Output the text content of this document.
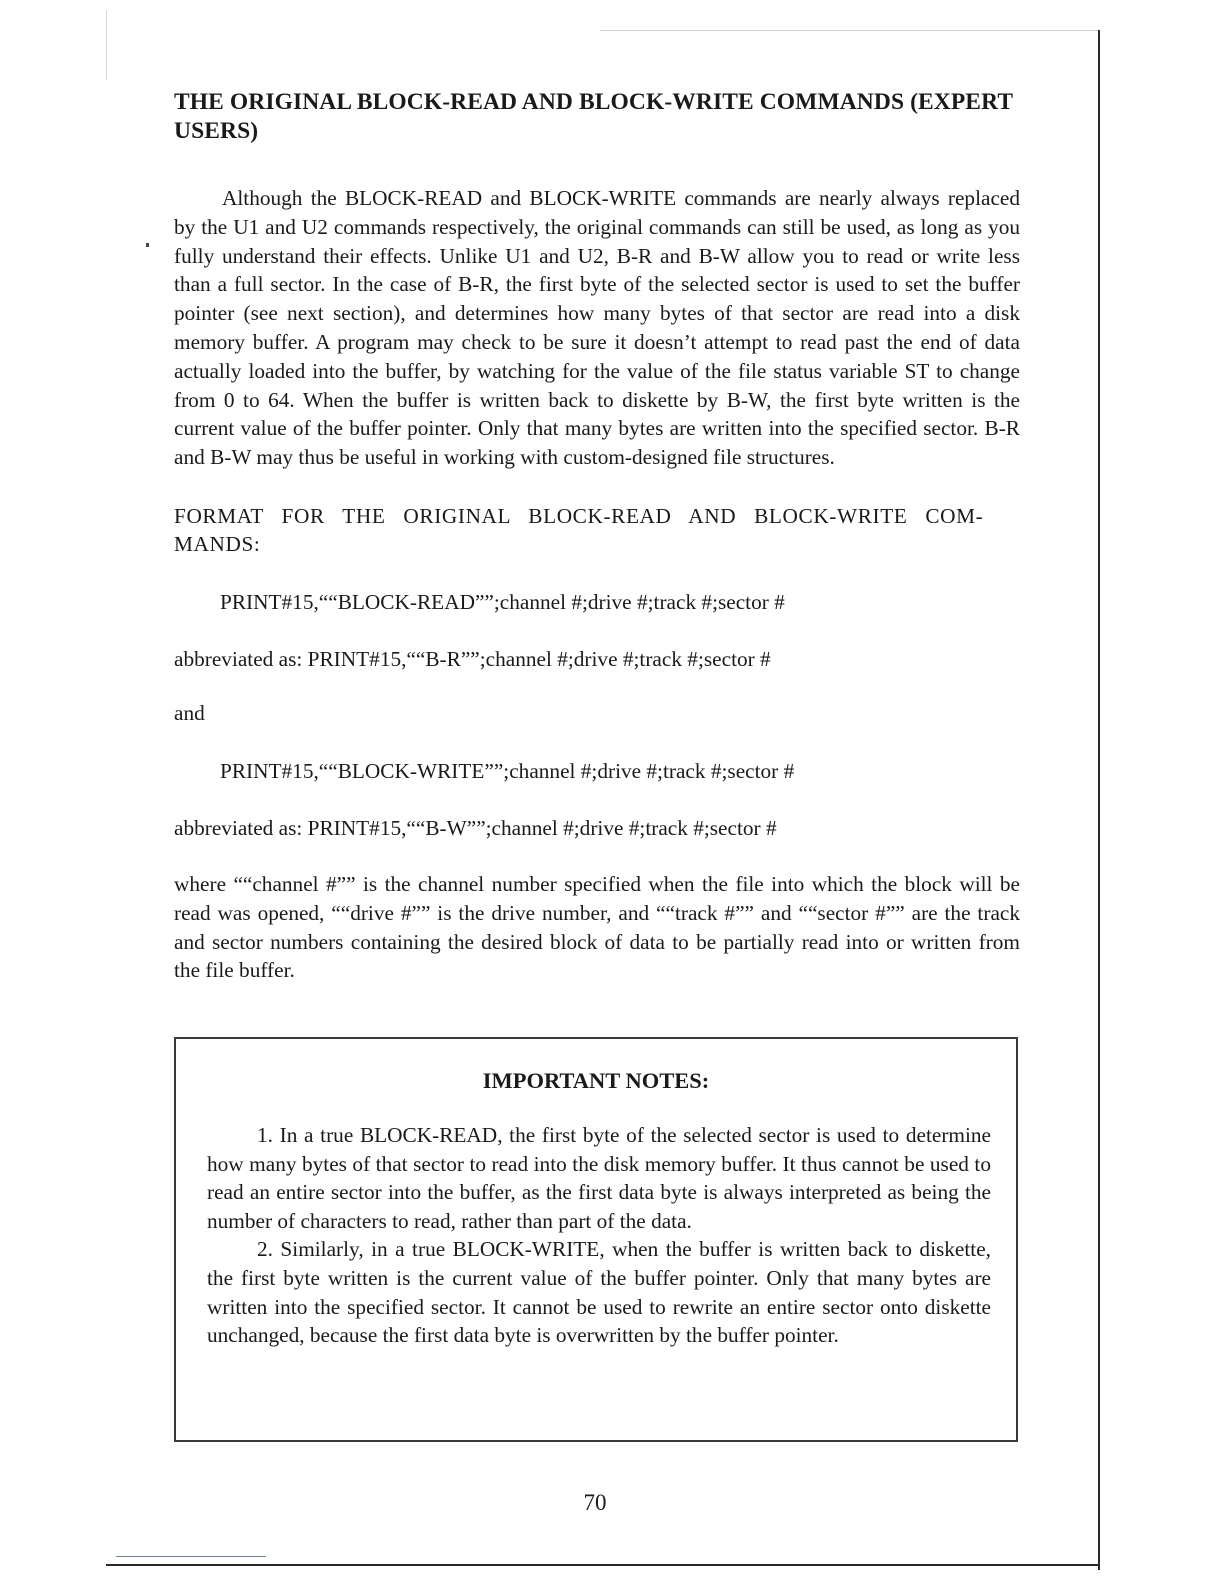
THE ORIGINAL BLOCK-READ AND BLOCK-WRITE COMMANDS (EXPERT USERS)

Although the BLOCK-READ and BLOCK-WRITE commands are nearly always replaced by the U1 and U2 commands respectively, the original commands can still be used, as long as you fully understand their effects. Unlike U1 and U2, B-R and B-W allow you to read or write less than a full sector. In the case of B-R, the first byte of the selected sector is used to set the buffer pointer (see next section), and determines how many bytes of that sector are read into a disk memory buffer. A program may check to be sure it doesn’t attempt to read past the end of data actually loaded into the buffer, by watching for the value of the file status variable ST to change from 0 to 64. When the buffer is written back to diskette by B-W, the first byte written is the current value of the buffer pointer. Only that many bytes are written into the specified sector. B-R and B-W may thus be useful in working with custom-designed file structures.

FORMAT FOR THE ORIGINAL BLOCK-READ AND BLOCK-WRITE COM-
MANDS:

PRINT#15,““BLOCK-READ””;channel #;drive #;track #;sector #

abbreviated as: PRINT#15,““B-R””;channel #;drive #;track #;sector #

and

PRINT#15,““BLOCK-WRITE””;channel #;drive #;track #;sector #

abbreviated as: PRINT#15,““B-W””;channel #;drive #;track #;sector #

where ““channel #”” is the channel number specified when the file into which the block will be read was opened, ““drive #”” is the drive number, and ““track #”” and ““sector #”” are the track and sector numbers containing the desired block of data to be partially read into or written from the file buffer.

IMPORTANT NOTES:

1. In a true BLOCK-READ, the first byte of the selected sector is used to determine how many bytes of that sector to read into the disk memory buffer. It thus cannot be used to read an entire sector into the buffer, as the first data byte is always interpreted as being the number of characters to read, rather than part of the data.

2. Similarly, in a true BLOCK-WRITE, when the buffer is written back to diskette, the first byte written is the current value of the buffer pointer. Only that many bytes are written into the specified sector. It cannot be used to rewrite an entire sector onto diskette unchanged, because the first data byte is overwritten by the buffer pointer.

70
